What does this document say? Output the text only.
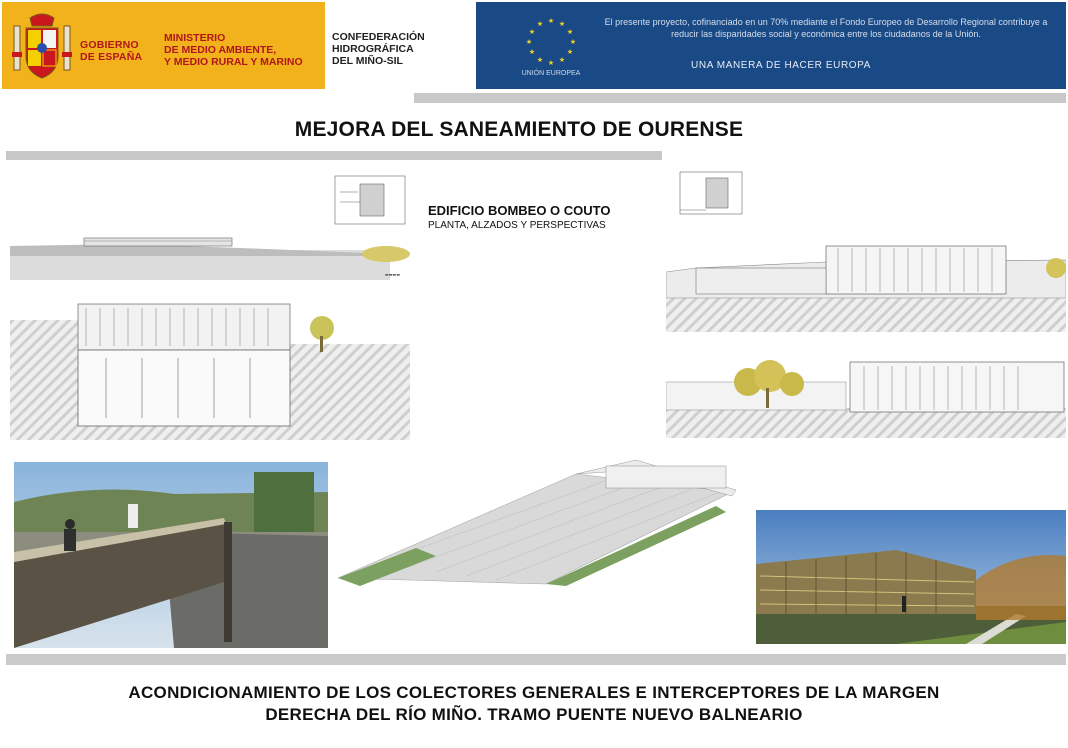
GOBIERNO
DE ESPAÑA
MINISTERIO
DE MEDIO AMBIENTE,
Y MEDIO RURAL Y MARINO
CONFEDERACIÓN
HIDROGRÁFICA
DEL MIÑO-SIL
★ ★
★
★
★
★
★
★
★
★
★
★
UNIÓN EUROPEA
El presente proyecto, cofinanciado en un 70% mediante el Fondo Europeo de Desarrollo Regional contribuye a reducir las disparidades social y económica entre los ciudadanos de la Unión.
UNA MANERA DE HACER EUROPA
MEJORA DEL SANEAMIENTO DE OURENSE
▬▬▬▬
EDIFICIO BOMBEO O COUTO
PLANTA, ALZADOS Y PERSPECTIVAS
ACONDICIONAMIENTO DE LOS COLECTORES GENERALES E INTERCEPTORES DE LA MARGEN
DERECHA DEL RÍO MIÑO. TRAMO PUENTE NUEVO BALNEARIO
